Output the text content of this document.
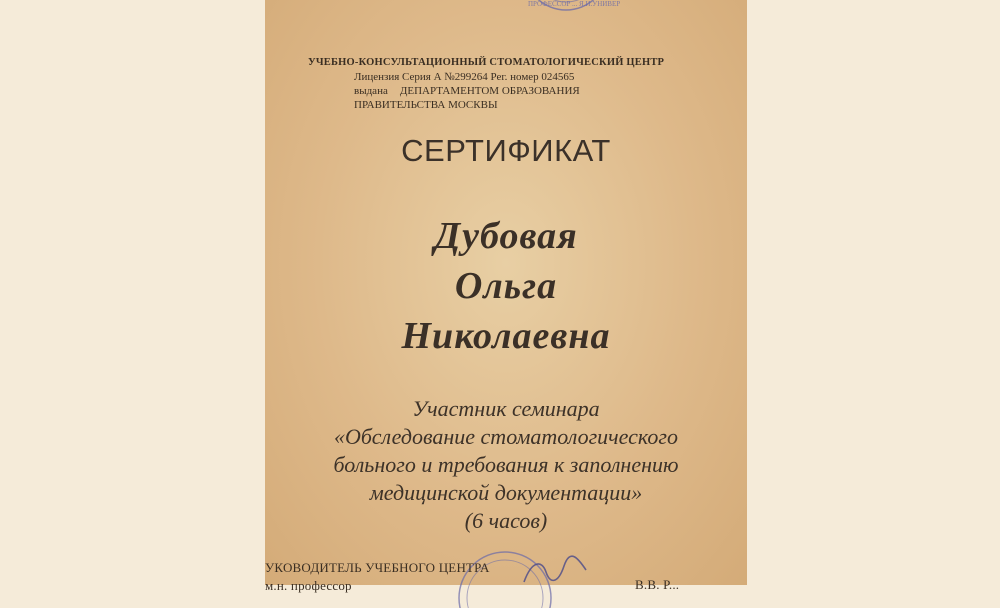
ПРОФЕССОР ... Я.И.УНИВЕР
УЧЕБНО-КОНСУЛЬТАЦИОННЫЙ СТОМАТОЛОГИЧЕСКИЙ ЦЕНТР
Лицензия Серия А №299264 Рег. номер 024565
выдана ДЕПАРТАМЕНТОМ ОБРАЗОВАНИЯ
ПРАВИТЕЛЬСТВА МОСКВЫ
СЕРТИФИКАТ
Дубовая
Ольга
Николаевна
Участник семинара
«Обследование стоматологического
больного и требования к заполнению
медицинской документации»
(6 часов)
УКОВОДИТЕЛЬ УЧЕБНОГО ЦЕНТРА
м.н. профессор	В.В. Р...
